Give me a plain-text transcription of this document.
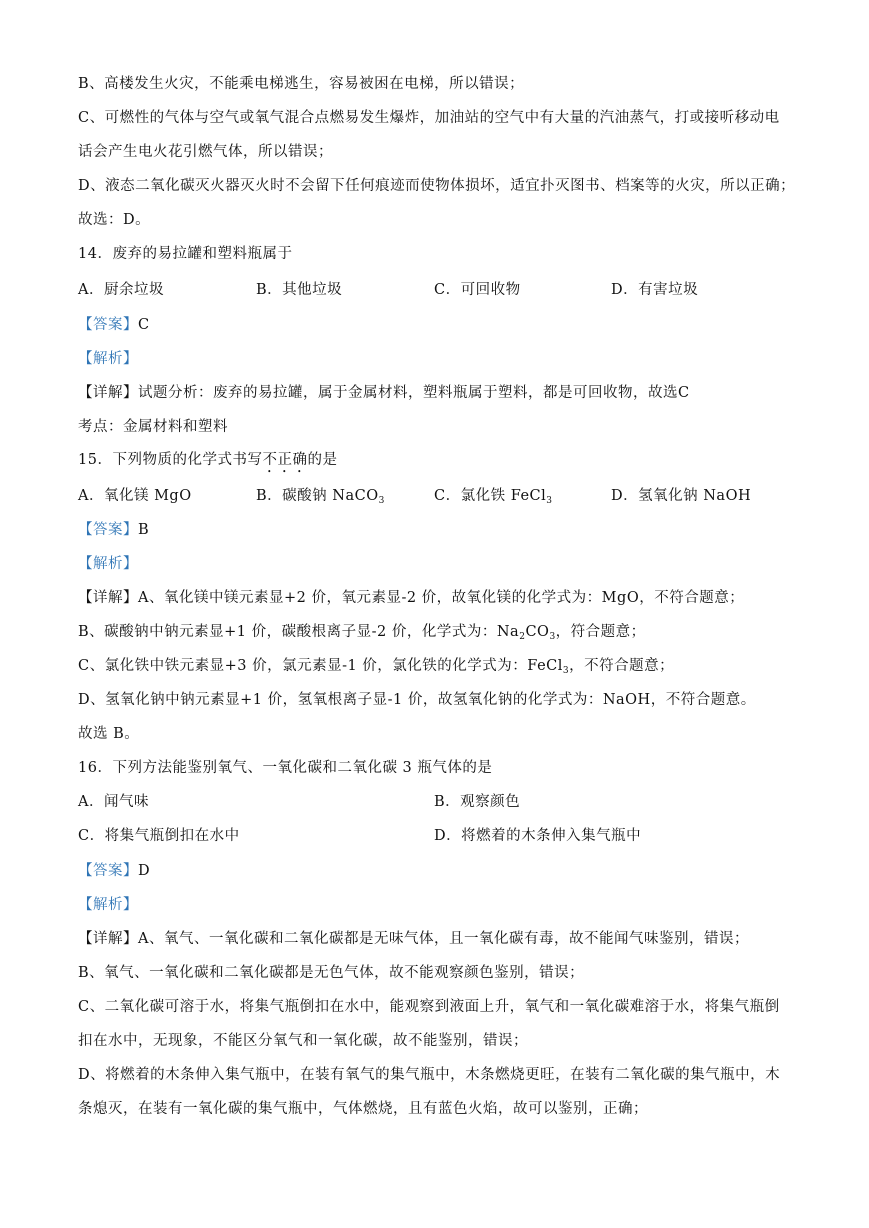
B、高楼发生火灾，不能乘电梯逃生，容易被困在电梯，所以错误；
C、可燃性的气体与空气或氧气混合点燃易发生爆炸，加油站的空气中有大量的汽油蒸气，打或接听移动电
话会产生电火花引燃气体，所以错误；
D、液态二氧化碳灭火器灭火时不会留下任何痕迹而使物体损坏，适宜扑灭图书、档案等的火灾，所以正确；
故选：D。
14．废弃的易拉罐和塑料瓶属于
A．厨余垃圾	B．其他垃圾	C．可回收物	D．有害垃圾
【答案】C
【解析】
【详解】试题分析：废弃的易拉罐，属于金属材料，塑料瓶属于塑料，都是可回收物，故选C
考点：金属材料和塑料
15．下列物质的化学式书写不正确的是
A．氧化镁 MgO	B．碳酸钠 NaCO$_3$	C．氯化铁 FeCl$_3$	D．氢氧化钠 NaOH
【答案】B
【解析】
【详解】A、氧化镁中镁元素显+2 价，氧元素显-2 价，故氧化镁的化学式为：MgO，不符合题意；
B、碳酸钠中钠元素显+1 价，碳酸根离子显-2 价，化学式为：$Na_2CO_3$，符合题意；
C、氯化铁中铁元素显+3 价，氯元素显-1 价，氯化铁的化学式为：FeCl$_3$，不符合题意；
D、氢氧化钠中钠元素显+1 价，氢氧根离子显-1 价，故氢氧化钠的化学式为：NaOH，不符合题意。
故选 B。
16．下列方法能鉴别氧气、一氧化碳和二氧化碳 3 瓶气体的是
A．闻气味	B．观察颜色
C．将集气瓶倒扣在水中	D．将燃着的木条伸入集气瓶中
【答案】D
【解析】
【详解】A、氧气、一氧化碳和二氧化碳都是无味气体，且一氧化碳有毒，故不能闻气味鉴别，错误；
B、氧气、一氧化碳和二氧化碳都是无色气体，故不能观察颜色鉴别，错误；
C、二氧化碳可溶于水，将集气瓶倒扣在水中，能观察到液面上升，氧气和一氧化碳难溶于水，将集气瓶倒
扣在水中，无现象，不能区分氧气和一氧化碳，故不能鉴别，错误；
D、将燃着的木条伸入集气瓶中，在装有氧气的集气瓶中，木条燃烧更旺，在装有二氧化碳的集气瓶中，木
条熄灭，在装有一氧化碳的集气瓶中，气体燃烧，且有蓝色火焰，故可以鉴别，正确；
